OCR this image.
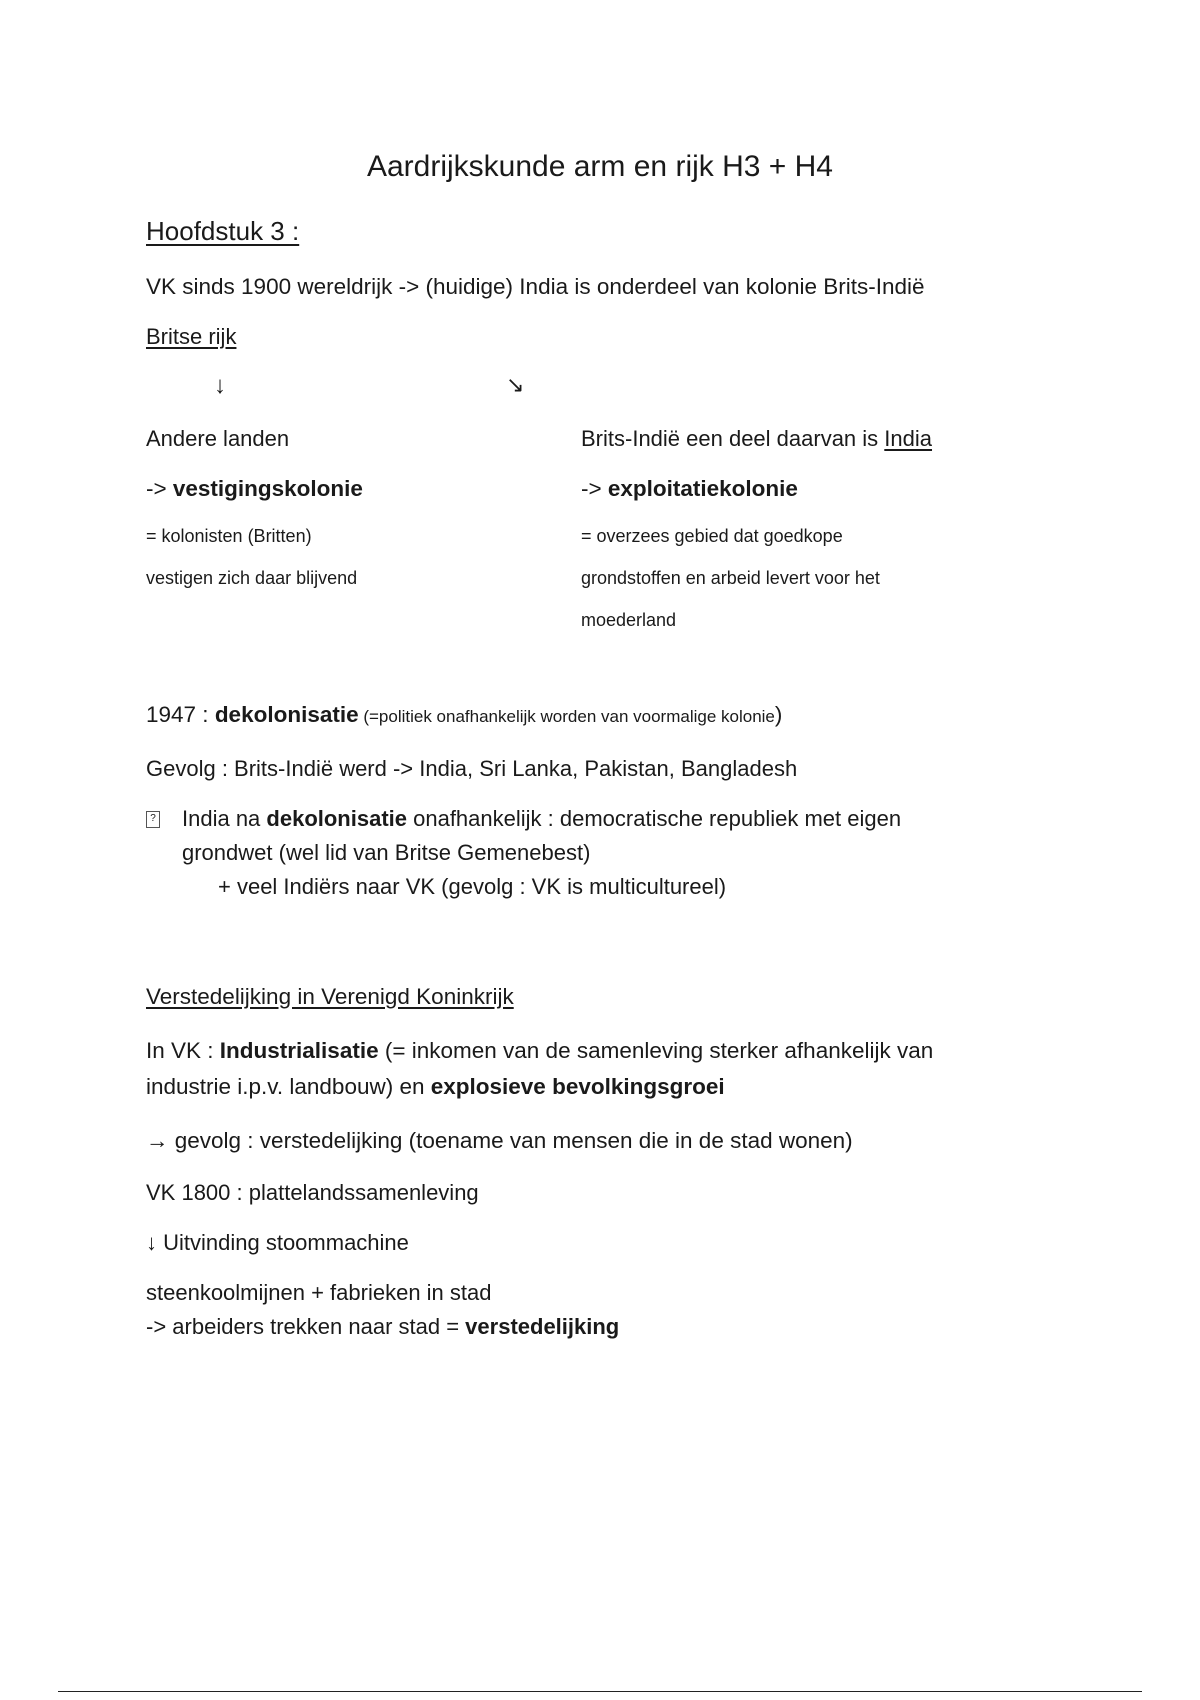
Aardrijkskunde arm en rijk H3 + H4
Hoofdstuk 3 :
VK sinds 1900 wereldrijk -> (huidige) India is onderdeel van kolonie Brits-Indië
Britse rijk
↓	↘
Andere landen
-> vestigingskolonie
= kolonisten (Britten)
vestigen zich daar blijvend
Brits-Indië een deel daarvan is India
-> exploitatiekolonie
= overzees gebied dat goedkope
grondstoffen en arbeid levert voor het
moederland
1947 : dekolonisatie (=politiek onafhankelijk worden van voormalige kolonie)
Gevolg : Brits-Indië werd -> India, Sri Lanka, Pakistan, Bangladesh
? India na dekolonisatie onafhankelijk : democratische republiek met eigen
grondwet (wel lid van Britse Gemenebest)
+ veel Indiërs naar VK (gevolg : VK is multicultureel)
Verstedelijking in Verenigd Koninkrijk
In VK : Industrialisatie (= inkomen van de samenleving sterker afhankelijk van
industrie i.p.v. landbouw) en explosieve bevolkingsgroei
→ gevolg : verstedelijking (toename van mensen die in de stad wonen)
VK 1800 : plattelandssamenleving
↓ Uitvinding stoommachine
steenkoolmijnen + fabrieken in stad
-> arbeiders trekken naar stad = verstedelijking
